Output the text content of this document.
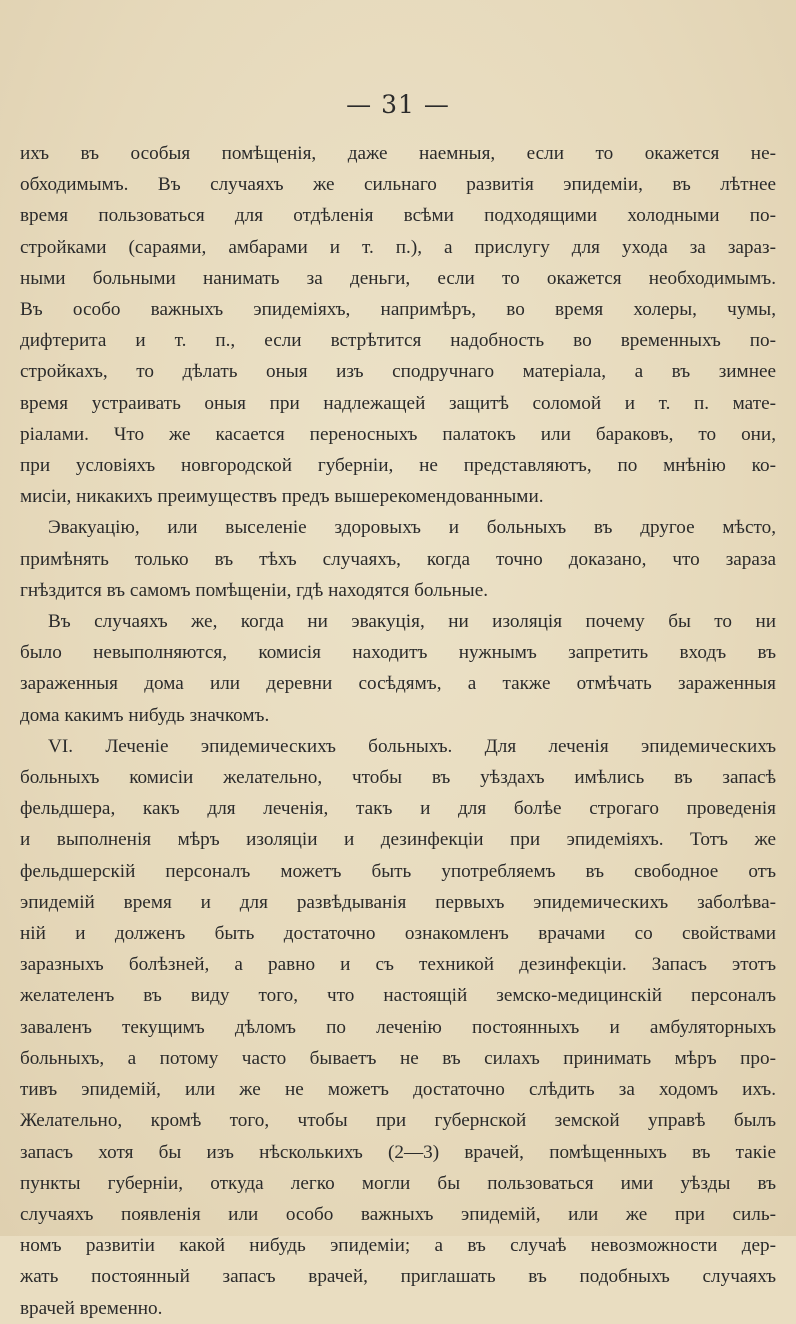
— 31 —
ихъ въ особыя помѣщенія, даже наемныя, если то окажется не-
обходимымъ. Въ случаяхъ же сильнаго развитія эпидеміи, въ лѣтнее
время пользоваться для отдѣленія всѣми подходящими холодными по-
стройками (сараями, амбарами и т. п.), а прислугу для ухода за зараз-
ными больными нанимать за деньги, если то окажется необходимымъ.
Въ особо важныхъ эпидеміяхъ, напримѣръ, во время холеры, чумы,
дифтерита и т. п., если встрѣтится надобность во временныхъ по-
стройкахъ, то дѣлать оныя изъ сподручнаго матеріала, а въ зимнее
время устраивать оныя при надлежащей защитѣ соломой и т. п. мате-
ріалами. Что же касается переносныхъ палатокъ или бараковъ, то они,
при условіяхъ новгородской губерніи, не представляютъ, по мнѣнію ко-
мисіи, никакихъ преимуществъ предъ вышерекомендованными.
Эвакуацію, или выселеніе здоровыхъ и больныхъ въ другое мѣсто,
примѣнять только въ тѣхъ случаяхъ, когда точно доказано, что зараза
гнѣздится въ самомъ помѣщеніи, гдѣ находятся больные.
Въ случаяхъ же, когда ни эвакуція, ни изоляція почему бы то ни
было невыполняются, комисія находитъ нужнымъ запретить входъ въ
зараженныя дома или деревни сосѣдямъ, а также отмѣчать зараженныя
дома какимъ нибудь значкомъ.
VI. Леченіе эпидемическихъ больныхъ. Для леченія эпидемическихъ
больныхъ комисіи желательно, чтобы въ уѣздахъ имѣлись въ запасѣ
фельдшера, какъ для леченія, такъ и для болѣе строгаго проведенія
и выполненія мѣръ изоляціи и дезинфекціи при эпидеміяхъ. Тотъ же
фельдшерскій персоналъ можетъ быть употребляемъ въ свободное отъ
эпидемій время и для развѣдыванія первыхъ эпидемическихъ заболѣва-
ній и долженъ быть достаточно ознакомленъ врачами со свойствами
заразныхъ болѣзней, а равно и съ техникой дезинфекціи. Запасъ этотъ
желателенъ въ виду того, что настоящій земско-медицинскій персоналъ
заваленъ текущимъ дѣломъ по леченію постоянныхъ и амбуляторныхъ
больныхъ, а потому часто бываетъ не въ силахъ принимать мѣръ про-
тивъ эпидемій, или же не можетъ достаточно слѣдить за ходомъ ихъ.
Желательно, кромѣ того, чтобы при губернской земской управѣ былъ
запасъ хотя бы изъ нѣсколькихъ (2—3) врачей, помѣщенныхъ въ такіе
пункты губерніи, откуда легко могли бы пользоваться ими уѣзды въ
случаяхъ появленія или особо важныхъ эпидемій, или же при силь-
номъ развитіи какой нибудь эпидеміи; а въ случаѣ невозможности дер-
жать постоянный запасъ врачей, приглашать въ подобныхъ случаяхъ
врачей временно.
